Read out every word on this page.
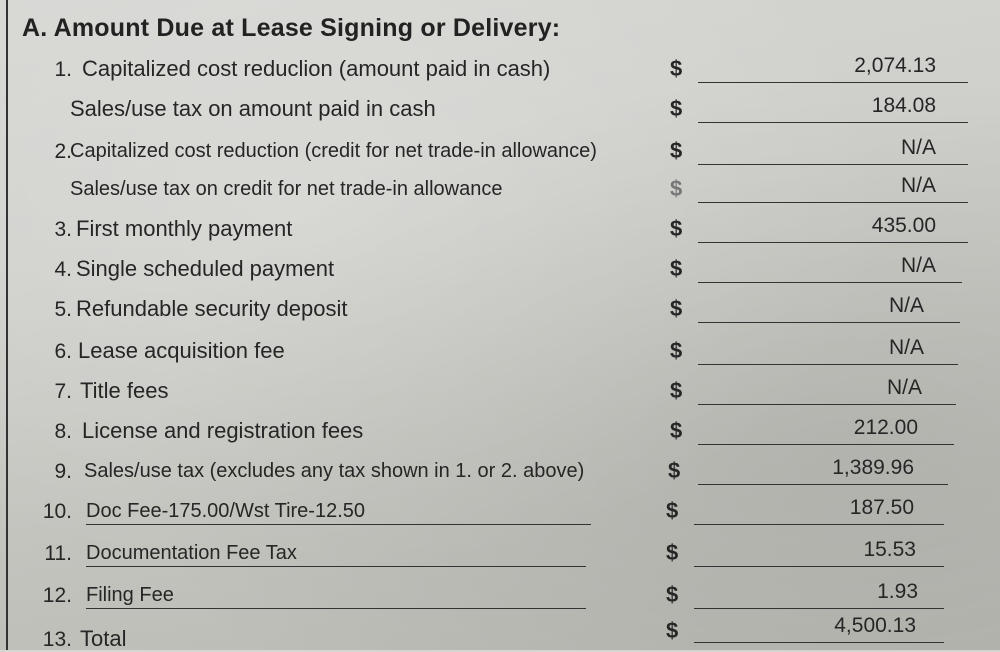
A. Amount Due at Lease Signing or Delivery:
1. Capitalized cost reduclion (amount paid in cash)	$	2,074.13
Sales/use tax on amount paid in cash	$	184.08
2.
Capitalized cost reduction (credit for net trade-in allowance)	$	N/A
Sales/use tax on credit for net trade-in allowance	$	N/A
3. First monthly payment	$	435.00
4. Single scheduled payment	$	N/A
5. Refundable security deposit	$	N/A
6. Lease acquisition fee	$	N/A
7. Title fees	$	N/A
8. License and registration fees	$	212.00
9. Sales/use tax (excludes any tax shown in 1. or 2. above)	$	1,389.96
10. Doc Fee-175.00/Wst Tire-12.50	$	187.50
11. Documentation Fee Tax	$	15.53
12. Filing Fee	$	1.93
13. Total	$	4,500.13
